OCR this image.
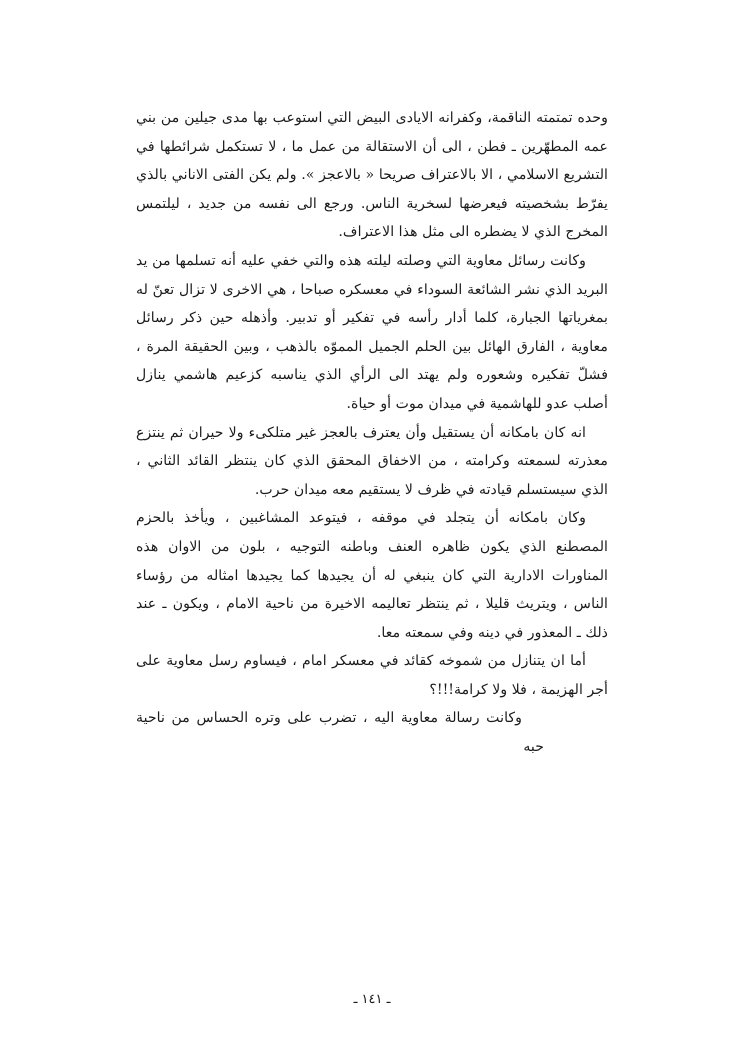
وحده تمتمته الناقمة، وكفرانه الايادى البيض التي استوعب بها مدى جيلين من بني عمه المطهّرين ـ فطن ، الى أن الاستقالة من عمل ما ، لا تستكمل شرائطها في التشريع الاسلامي ، الا بالاعتراف صريحا « بالاعجز ». ولم يكن الفتى الاناني بالذي يفرّط بشخصيته فيعرضها لسخرية الناس. ورجع الى نفسه من جديد ، ليلتمس المخرج الذي لا يضطره الى مثل هذا الاعتراف.

وكانت رسائل معاوية التي وصلته ليلته هذه والتي خفي عليه أنه تسلمها من يد البريد الذي نشر الشائعة السوداء في معسكره صباحا ، هي الاخرى لا تزال تعنّ له بمغرياتها الجبارة، كلما أدار رأسه في تفكير أو تدبير. وأذهله حين ذكر رسائل معاوية ، الفارق الهائل بين الحلم الجميل المموّه بالذهب ، وبين الحقيقة المرة ، فشلّ تفكيره وشعوره ولم يهتد الى الرأي الذي يناسبه كزعيم هاشمي ينازل أصلب عدو للهاشمية في ميدان موت أو حياة.

انه كان بامكانه أن يستقيل وأن يعترف بالعجز غير متلكىء ولا حيران ثم ينتزع معذرته لسمعته وكرامته ، من الاخفاق المحقق الذي كان ينتظر القائد الثاني ، الذي سيستسلم قيادته في ظرف لا يستقيم معه ميدان حرب.

وكان بامكانه أن يتجلد في موقفه ، فيتوعد المشاغبين ، ويأخذ بالحزم المصطنع الذي يكون ظاهره العنف وباطنه التوجيه ، بلون من الاوان هذه المناورات الادارية التي كان ينبغي له أن يجيدها كما يجيدها امثاله من رؤساء الناس ، ويتريث قليلا ، ثم ينتظر تعاليمه الاخيرة من ناحية الامام ، ويكون ـ عند ذلك ـ المعذور في دينه وفي سمعته معا.

أما ان يتنازل من شموخه كقائد في معسكر امام ، فيساوم رسل معاوية على أجر الهزيمة ، فلا ولا كرامة!!!؟

وكانت رسالة معاوية اليه ، تضرب على وتره الحساس من ناحية حبه

ـ ١٤١ ـ
